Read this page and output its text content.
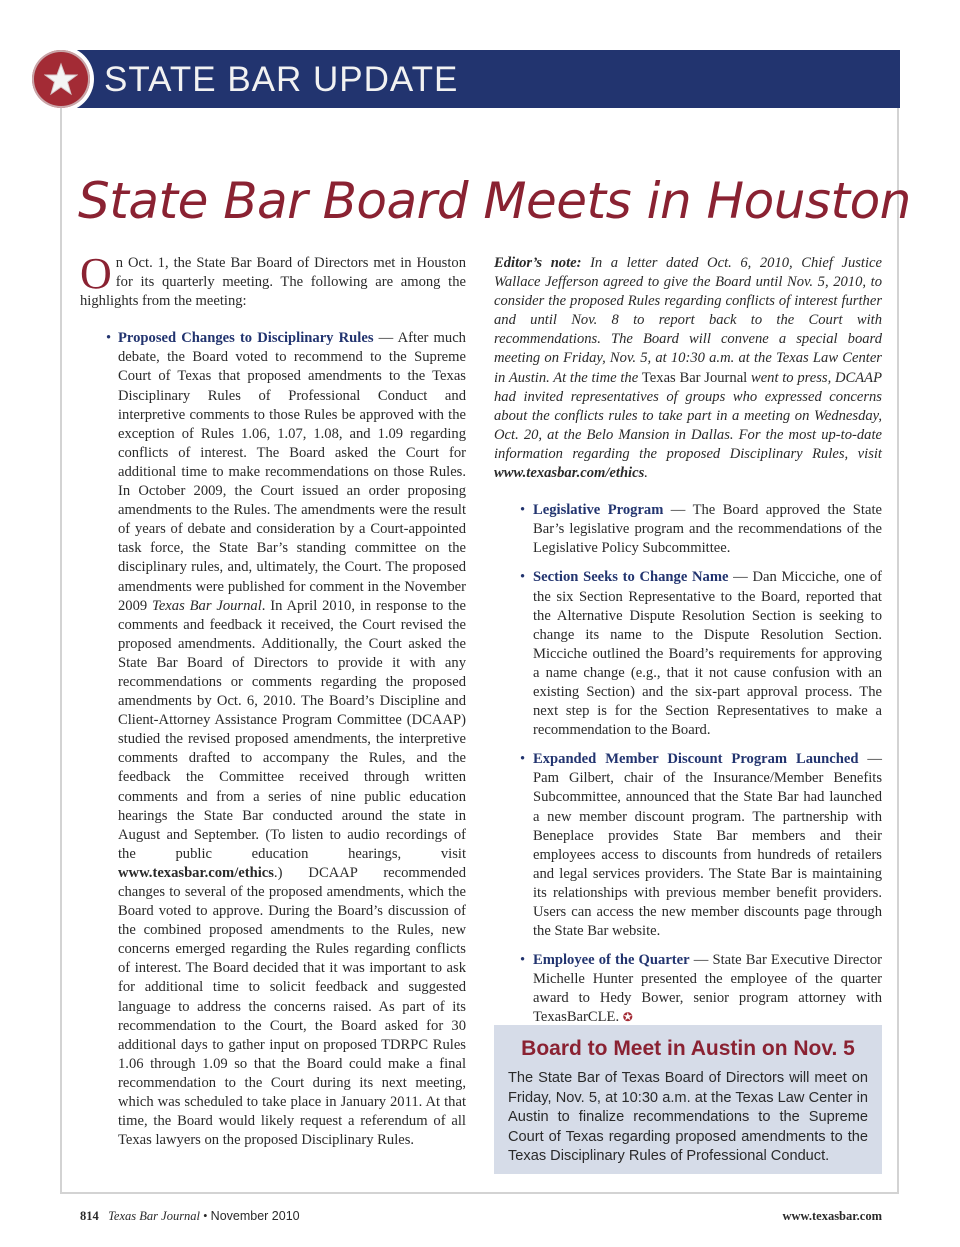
STATE BAR UPDATE
State Bar Board Meets in Houston

On Oct. 1, the State Bar Board of Directors met in Houston for its quarterly meeting. The following are among the highlights from the meeting:

• Proposed Changes to Disciplinary Rules — After much debate, the Board voted to recommend to the Supreme Court of Texas that proposed amendments to the Texas Disciplinary Rules of Professional Conduct and interpretive comments to those Rules be approved with the exception of Rules 1.06, 1.07, 1.08, and 1.09 regarding conflicts of interest. The Board asked the Court for additional time to make recommendations on those Rules. In October 2009, the Court issued an order proposing amendments to the Rules. The amendments were the result of years of debate and consideration by a Court-appointed task force, the State Bar’s standing committee on the disciplinary rules, and, ultimately, the Court. The proposed amendments were published for comment in the November 2009 Texas Bar Journal. In April 2010, in response to the comments and feedback it received, the Court revised the proposed amendments. Additionally, the Court asked the State Bar Board of Directors to provide it with any recommendations or comments regarding the proposed amendments by Oct. 6, 2010. The Board’s Discipline and Client-Attorney Assistance Program Committee (DCAAP) studied the revised proposed amendments, the interpretive comments drafted to accompany the Rules, and the feedback the Committee received through written comments and from a series of nine public education hearings the State Bar conducted around the state in August and September. (To listen to audio recordings of the public education hearings, visit www.texasbar.com/ethics.) DCAAP recommended changes to several of the proposed amendments, which the Board voted to approve. During the Board’s discussion of the combined proposed amendments to the Rules, new concerns emerged regarding the Rules regarding conflicts of interest. The Board decided that it was important to ask for additional time to solicit feedback and suggested language to address the concerns raised. As part of its recommendation to the Court, the Board asked for 30 additional days to gather input on proposed TDRPC Rules 1.06 through 1.09 so that the Board could make a final recommendation to the Court during its next meeting, which was scheduled to take place in January 2011. At that time, the Board would likely request a referendum of all Texas lawyers on the proposed Disciplinary Rules.

Editor’s note: In a letter dated Oct. 6, 2010, Chief Justice Wallace Jefferson agreed to give the Board until Nov. 5, 2010, to consider the proposed Rules regarding conflicts of interest further and until Nov. 8 to report back to the Court with recommendations. The Board will convene a special board meeting on Friday, Nov. 5, at 10:30 a.m. at the Texas Law Center in Austin. At the time the Texas Bar Journal went to press, DCAAP had invited representatives of groups who expressed concerns about the conflicts rules to take part in a meeting on Wednesday, Oct. 20, at the Belo Mansion in Dallas. For the most up-to-date information regarding the proposed Disciplinary Rules, visit www.texasbar.com/ethics.

• Legislative Program — The Board approved the State Bar’s legislative program and the recommendations of the Legislative Policy Subcommittee.
• Section Seeks to Change Name — Dan Micciche, one of the six Section Representative to the Board, reported that the Alternative Dispute Resolution Section is seeking to change its name to the Dispute Resolution Section. Micciche outlined the Board’s requirements for approving a name change (e.g., that it not cause confusion with an existing Section) and the six-part approval process. The next step is for the Section Representatives to make a recommendation to the Board.
• Expanded Member Discount Program Launched — Pam Gilbert, chair of the Insurance/Member Benefits Subcommittee, announced that the State Bar had launched a new member discount program. The partnership with Beneplace provides State Bar members and their employees access to discounts from hundreds of retailers and legal services providers. The State Bar is maintaining its relationships with previous member benefit providers. Users can access the new member discounts page through the State Bar website.
• Employee of the Quarter — State Bar Executive Director Michelle Hunter presented the employee of the quarter award to Hedy Bower, senior program attorney with TexasBarCLE. ✪
Board to Meet in Austin on Nov. 5
The State Bar of Texas Board of Directors will meet on Friday, Nov. 5, at 10:30 a.m. at the Texas Law Center in Austin to finalize recommendations to the Supreme Court of Texas regarding proposed amendments to the Texas Disciplinary Rules of Professional Conduct.
814 Texas Bar Journal • November 2010	www.texasbar.com
